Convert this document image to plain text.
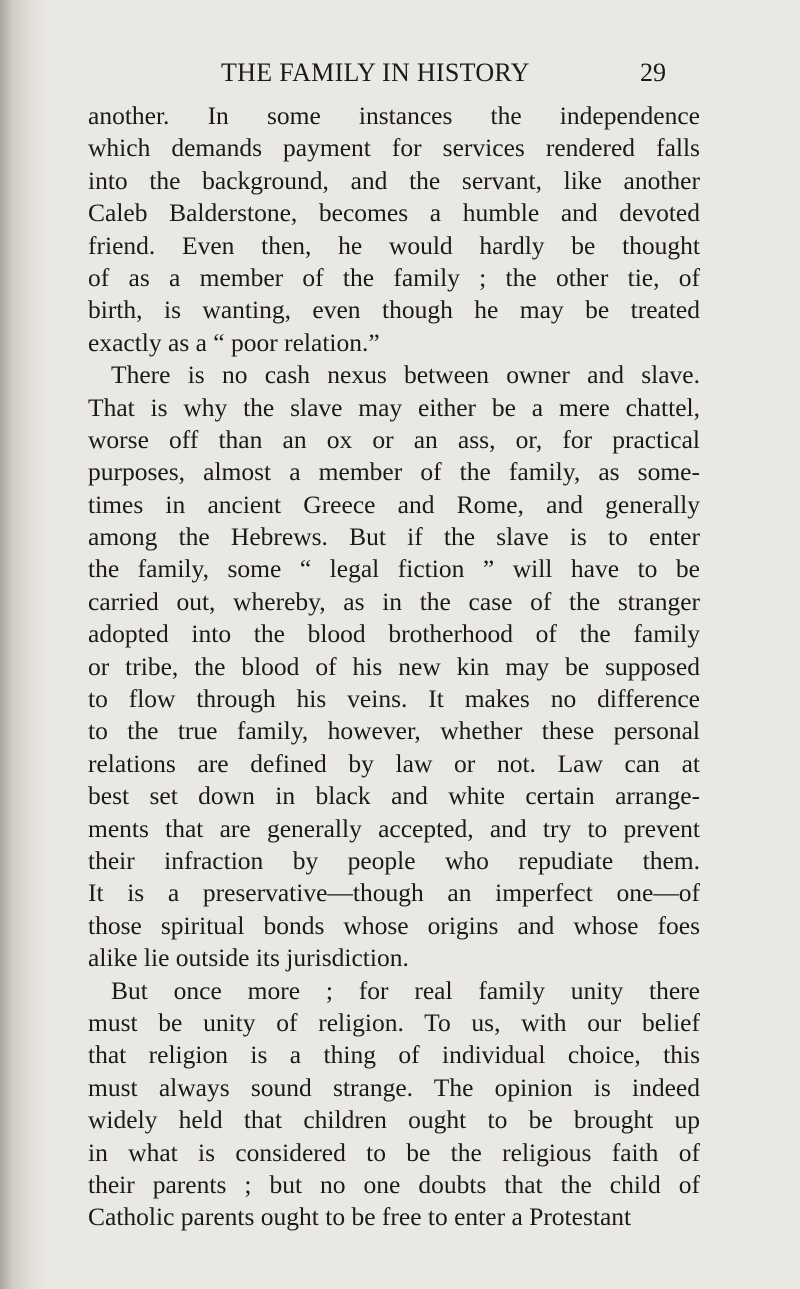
THE FAMILY IN HISTORY	29
another. In some instances the independence
which demands payment for services rendered falls
into the background, and the servant, like another
Caleb Balderstone, becomes a humble and devoted
friend. Even then, he would hardly be thought
of as a member of the family ; the other tie, of
birth, is wanting, even though he may be treated
exactly as a “ poor relation.”
There is no cash nexus between owner and slave.
That is why the slave may either be a mere chattel,
worse off than an ox or an ass, or, for practical
purposes, almost a member of the family, as some-
times in ancient Greece and Rome, and generally
among the Hebrews. But if the slave is to enter
the family, some “ legal fiction ” will have to be
carried out, whereby, as in the case of the stranger
adopted into the blood brotherhood of the family
or tribe, the blood of his new kin may be supposed
to flow through his veins. It makes no difference
to the true family, however, whether these personal
relations are defined by law or not. Law can at
best set down in black and white certain arrange-
ments that are generally accepted, and try to prevent
their infraction by people who repudiate them.
It is a preservative—though an imperfect one—of
those spiritual bonds whose origins and whose foes
alike lie outside its jurisdiction.
But once more ; for real family unity there
must be unity of religion. To us, with our belief
that religion is a thing of individual choice, this
must always sound strange. The opinion is indeed
widely held that children ought to be brought up
in what is considered to be the religious faith of
their parents ; but no one doubts that the child of
Catholic parents ought to be free to enter a Protestant
